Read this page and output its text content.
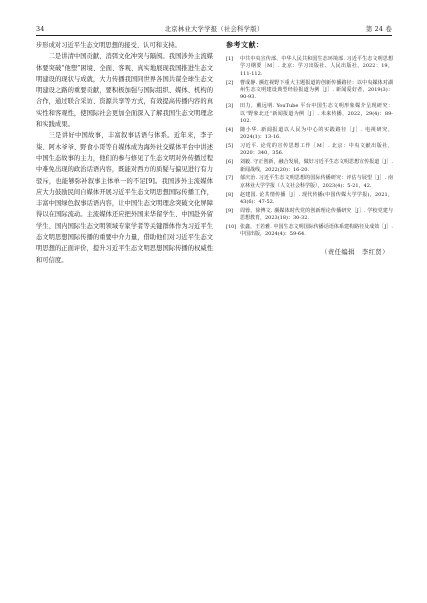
34	北京林业大学学报（社会科学版）	第 24 卷

步形成对习近平生态文明思想的接受、认可和支持。

二是讲清中国贡献，消弭文化冲突与隔阂。我国涉外主流媒体要突破“他塑”困境、全面、客观、真实地展现我国推进生态文明建设的现状与成就，大力传播我国同世界各国共谋全球生态文明建设之路的重要贡献，要积极加强与国际组织、媒体、机构的合作，通过联合采访、资源共享等方式，有效提高传播内容的真实性和客观性，使国际社会更加全面深入了解我国生态文明理念和实践成果。

三是讲好中国故事，丰富叙事话语与体系。近年来，李子柒、阿木爷爷、野食小哥等自媒体成为海外社交媒体平台中讲述中国生态故事的主力，他们的参与修见了生态文明对外传播过程中难免出现的政治话语内容，既能对西方的质疑与偏见进行有力驳斥，也能够弥补叙事主体单一的不足[9]。我国涉外主流媒体应大力鼓励民间自媒体开展习近平生态文明思想国际传播工作，丰富中国绿色叙事话语内容，让中国生态文明理念突破文化屏障得以在国际流动。主流媒体还应把外国来华留学生、中国赴外留学生、国内国际生态文明领域专家学者等关键群体作为习近平生态文明思想国际传播的重要中介力量，借助他们对习近平生态文明思想的正面评价，提升习近平生态文明思想国际传播的权威性和可信度。

参考文献：
[1]	中共中央宣传部、中华人民共和国生态环境部. 习近平生态文明思想学习纲要［M］. 北京：学习出版社、人民出版社，2022：19，111-112.
[2]	曹成静. 濒危视野下重大主题报道的创新传播路径：以中央媒体对湖州生态文明建设典型经验报道为例［J］. 新闻爱好者，2019(3)：90-93.
[3]	田力，戴远明. YouTube 平台中国生态文明形象媒介呈现研究：以“野象北迁”新闻报道为例［J］. 未来传播，2022，29(4)：89-102.
[4]	随小华. 新闻报道以人民为中心的实践路径［J］. 电视研究，2024(1)：13-16.
[5]	习近平. 论党的宣传思想工作［M］. 北京：中央文献出版社，2020：340，356.
[6]	刘毅. 守正创新，融合发展，做好习近平生态文明思想宣传报道［J］. 新闻战线，2022(20)：16-20.
[7]	郁庆治. 习近平生态文明思想的国际传播研究：评估与展望［J］. 南京林业大学学报（人文社会科学版），2023(4)：5-21，42.
[8]	赵建国. 论共情传播［J］. 现代传播(中国传媒大学学报)，2021，43(6)：47-52.
[9]	周蓉，徐博文. 濒媒体时代党的创新理论传播研究［J］. 学校党建与思想教育，2023(18)：30-32.
[10] 张鑫，王若雅. 中国生态文明国际传播话语体系建构路径及成效［J］. 中国出版，2024(4)：59-64.
（责任编辑　李红贤）
